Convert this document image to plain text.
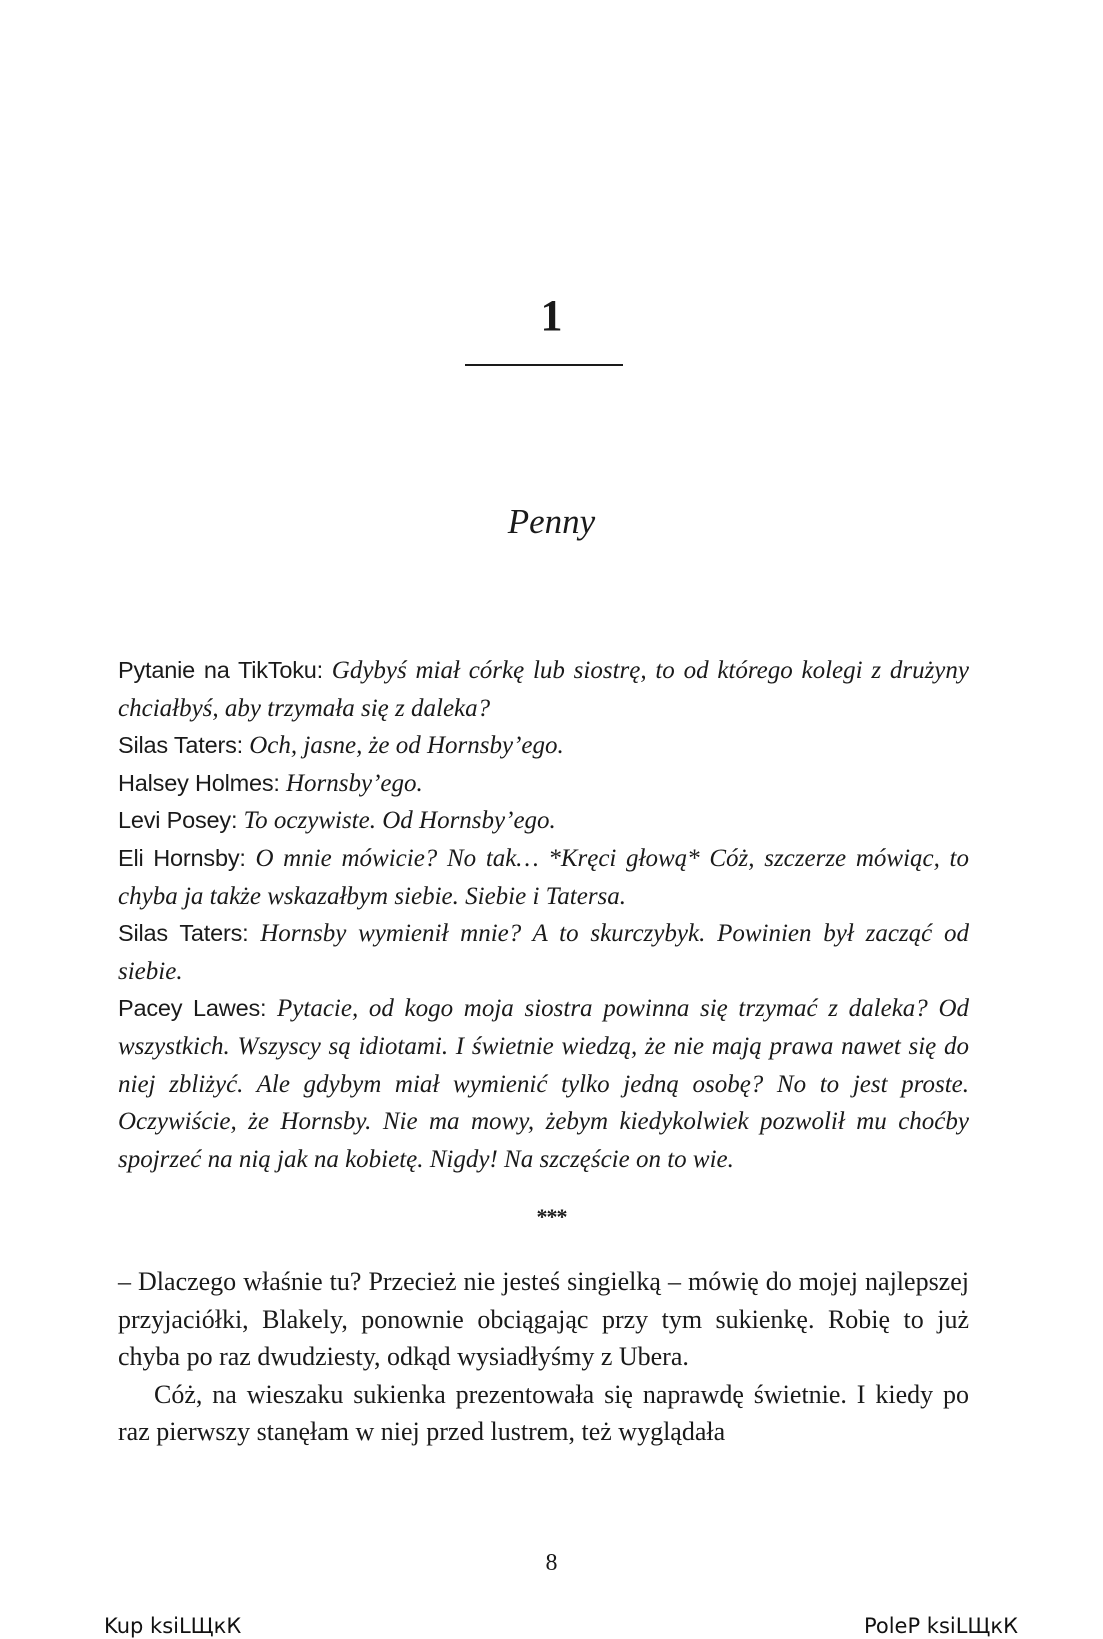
1
Penny

Pytanie na TikToku: Gdybyś miał córkę lub siostrę, to od którego kolegi z drużyny chciałbyś, aby trzymała się z daleka?

Silas Taters: Och, jasne, że od Hornsby’ego.

Halsey Holmes: Hornsby’ego.

Levi Posey: To oczywiste. Od Hornsby’ego.

Eli Hornsby: O mnie mówicie? No tak… *Kręci głową* Cóż, szczerze mówiąc, to chyba ja także wskazałbym siebie. Siebie i Tatersa.

Silas Taters: Hornsby wymienił mnie? A to skurczybyk. Powinien był zacząć od siebie.

Pacey Lawes: Pytacie, od kogo moja siostra powinna się trzymać z daleka? Od wszystkich. Wszyscy są idiotami. I świetnie wiedzą, że nie mają prawa nawet się do niej zbliżyć. Ale gdybym miał wymienić tylko jedną osobę? No to jest proste. Oczywiście, że Hornsby. Nie ma mowy, żebym kiedykolwiek pozwolił mu choćby spojrzeć na nią jak na kobietę. Nigdy! Na szczęście on to wie.

***

– Dlaczego właśnie tu? Przecież nie jesteś singielką – mówię do mojej najlepszej przyjaciółki, Blakely, ponownie obciągając przy tym sukienkę. Robię to już chyba po raz dwudziesty, odkąd wysiadłyśmy z Ubera.

Cóż, na wieszaku sukienka prezentowała się naprawdę świetnie. I kiedy po raz pierwszy stanęłam w niej przed lustrem, też wyglądała

8
Kup ksiLЩкК	PoleP ksiLЩкК
